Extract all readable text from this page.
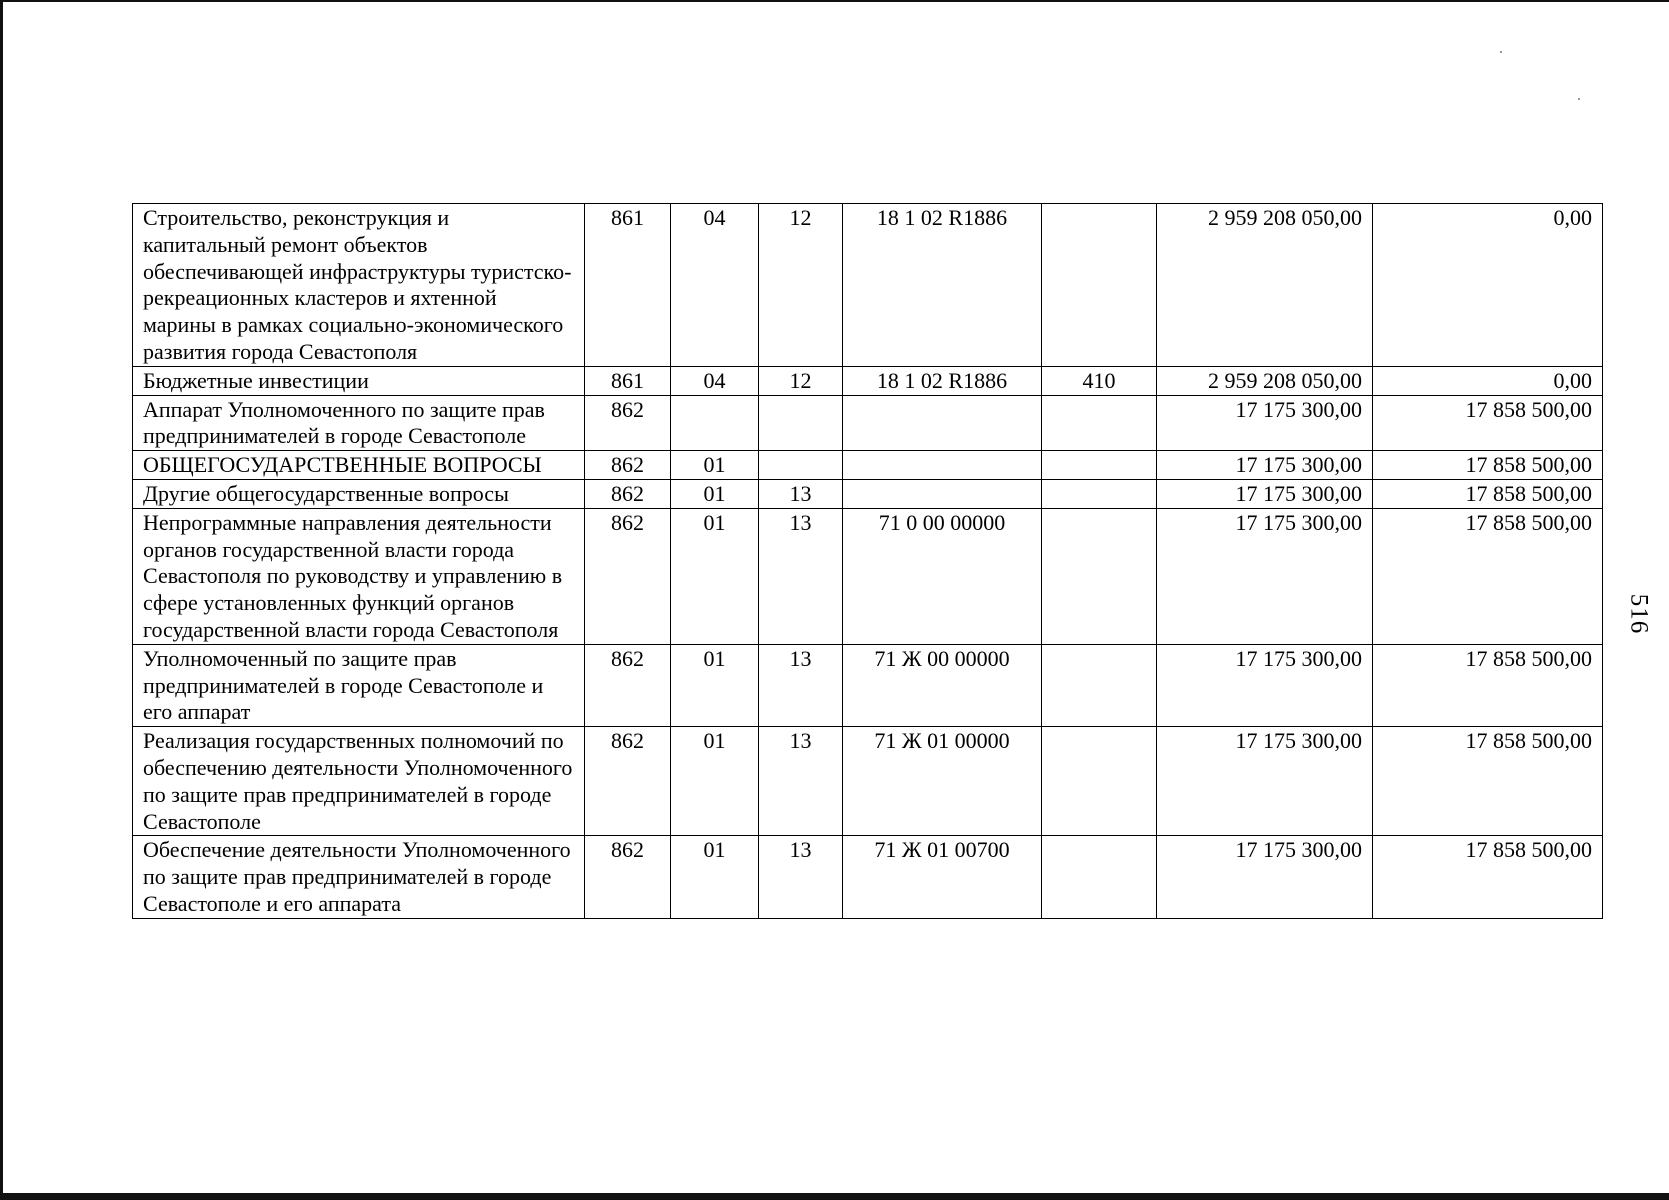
Строительство, реконструкция и капитальный ремонт объектов обеспечивающей инфраструктуры туристско-рекреационных кластеров и яхтенной марины в рамках социально-экономического развития города Севастополя	861	04	12	18 1 02 R1886		2 959 208 050,00	0,00
Бюджетные инвестиции	861	04	12	18 1 02 R1886	410	2 959 208 050,00	0,00
Аппарат Уполномоченного по защите прав предпринимателей в городе Севастополе	862					17 175 300,00	17 858 500,00
ОБЩЕГОСУДАРСТВЕННЫЕ ВОПРОСЫ	862	01				17 175 300,00	17 858 500,00
Другие общегосударственные вопросы	862	01	13			17 175 300,00	17 858 500,00
Непрограммные направления деятельности органов государственной власти города Севастополя по руководству и управлению в сфере установленных функций органов государственной власти города Севастополя	862	01	13	71 0 00 00000		17 175 300,00	17 858 500,00
Уполномоченный по защите прав предпринимателей в городе Севастополе и его аппарат	862	01	13	71 Ж 00 00000		17 175 300,00	17 858 500,00
Реализация государственных полномочий по обеспечению деятельности Уполномоченного по защите прав предпринимателей в городе Севастополе	862	01	13	71 Ж 01 00000		17 175 300,00	17 858 500,00
Обеспечение деятельности Уполномоченного по защите прав предпринимателей в городе Севастополе и его аппарата	862	01	13	71 Ж 01 00700		17 175 300,00	17 858 500,00
516
